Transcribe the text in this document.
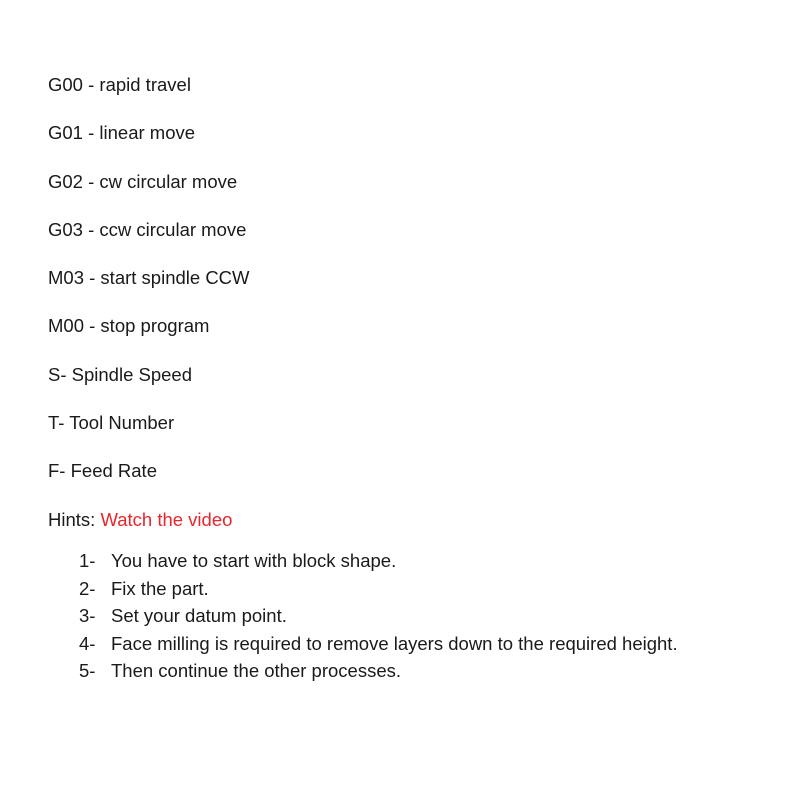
G00 - rapid travel
G01 - linear move
G02 - cw circular move
G03 - ccw circular move
M03 - start spindle CCW
M00 - stop program
S- Spindle Speed
T- Tool Number
F- Feed Rate
Hints: Watch the video
1- You have to start with block shape.
2- Fix the part.
3- Set your datum point.
4- Face milling is required to remove layers down to the required height.
5- Then continue the other processes.
